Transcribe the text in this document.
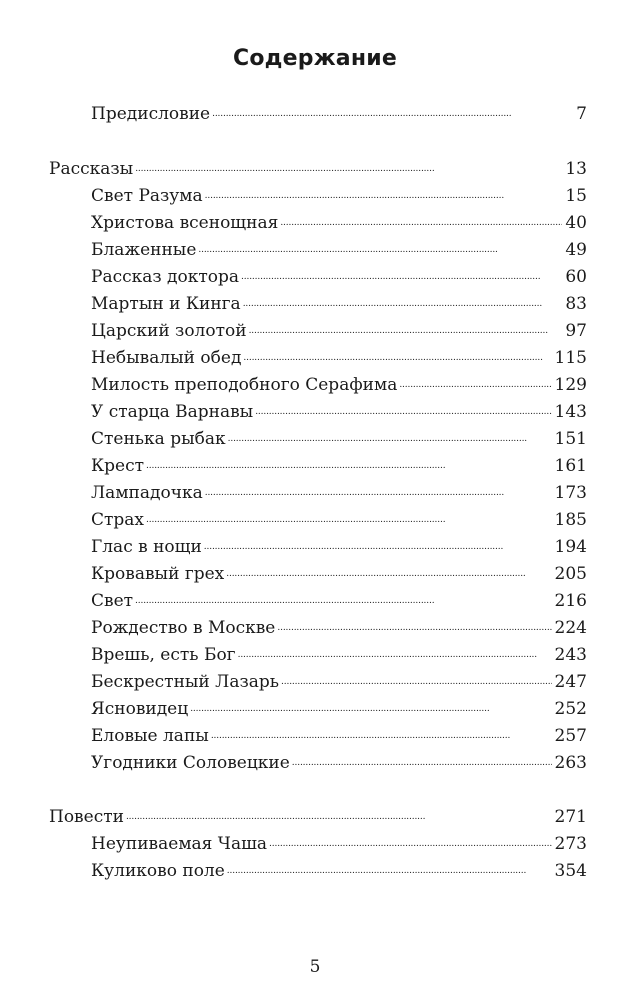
Содержание
Предисловие . . .	7
Рассказы . . .	13
Свет Разума . . .	15
Христова всенощная . . .	40
Блаженные . . .	49
Рассказ доктора . . .	60
Мартын и Кинга . . .	83
Царский золотой . . .	97
Небывалый обед . . .	115
Милость преподобного Серафима . . .	129
У старца Варнавы . . .	143
Стенька рыбак . . .	151
Крест . . .	161
Лампадочка . . .	173
Страх . . .	185
Глас в нощи . . .	194
Кровавый грех . . .	205
Свет . . .	216
Рождество в Москве . . .	224
Врешь, есть Бог . . .	243
Бескрестный Лазарь . . .	247
Ясновидец . . .	252
Еловые лапы . . .	257
Угодники Соловецкие . . .	263
Повести . . .	271
Неупиваемая Чаша . . .	273
Куликово поле . . .	354
5
